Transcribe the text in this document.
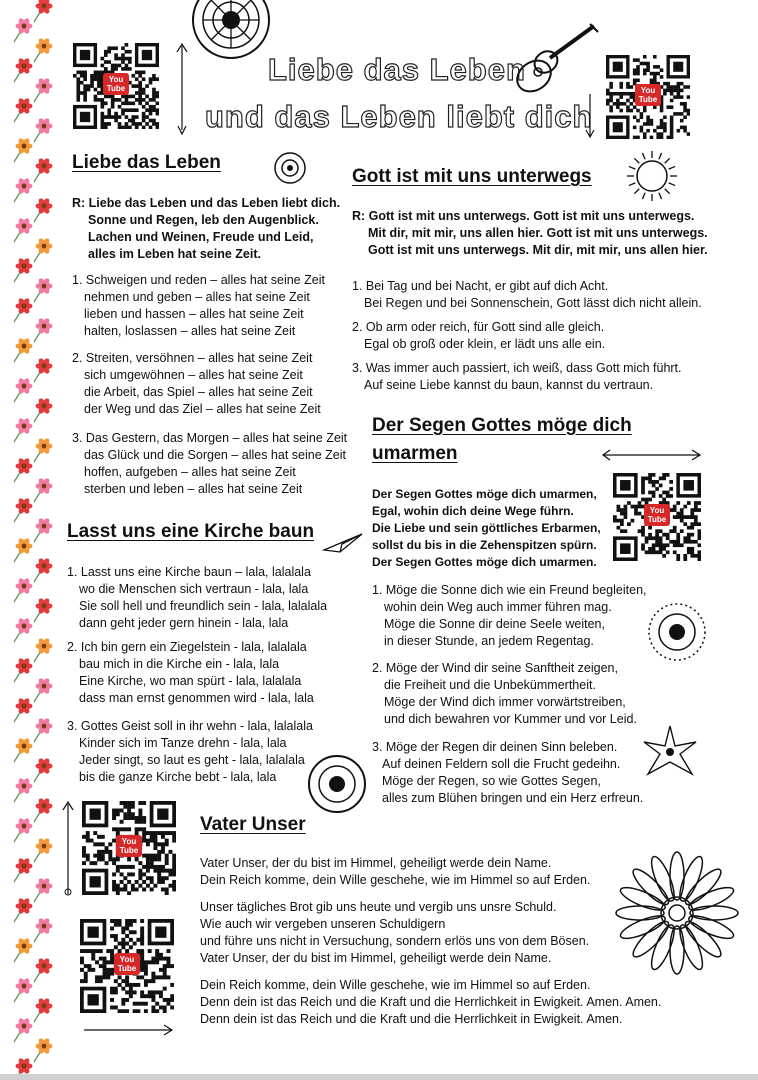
Liebe das Leben
und das Leben liebt dich
You Tube	You Tube
You Tube
You Tube
You Tube
Liebe das Leben
R: Liebe das Leben und das Leben liebt dich.
Sonne und Regen, leb den Augenblick.
Lachen und Weinen, Freude und Leid,
alles im Leben hat seine Zeit.
1. Schweigen und reden – alles hat seine Zeit
nehmen und geben – alles hat seine Zeit
lieben und hassen – alles hat seine Zeit
halten, loslassen – alles hat seine Zeit
2. Streiten, versöhnen – alles hat seine Zeit
sich umgewöhnen – alles hat seine Zeit
die Arbeit, das Spiel – alles hat seine Zeit
der Weg und das Ziel – alles hat seine Zeit
3. Das Gestern, das Morgen – alles hat seine Zeit
das Glück und die Sorgen – alles hat seine Zeit
hoffen, aufgeben – alles hat seine Zeit
sterben und leben – alles hat seine Zeit
Gott ist mit uns unterwegs
R: Gott ist mit uns unterwegs. Gott ist mit uns unterwegs.
Mit dir, mit mir, uns allen hier. Gott ist mit uns unterwegs.
Gott ist mit uns unterwegs. Mit dir, mit mir, uns allen hier.
1. Bei Tag und bei Nacht, er gibt auf dich Acht.
Bei Regen und bei Sonnenschein, Gott lässt dich nicht allein.
2. Ob arm oder reich, für Gott sind alle gleich.
Egal ob groß oder klein, er lädt uns alle ein.
3. Was immer auch passiert, ich weiß, dass Gott mich führt.
Auf seine Liebe kannst du baun, kannst du vertraun.
Der Segen Gottes möge dich
umarmen
Der Segen Gottes möge dich umarmen,
Egal, wohin dich deine Wege führn.
Die Liebe und sein göttliches Erbarmen,
sollst du bis in die Zehenspitzen spürn.
Der Segen Gottes möge dich umarmen.
1. Möge die Sonne dich wie ein Freund begleiten,
wohin dein Weg auch immer führen mag.
Möge die Sonne dir deine Seele weiten,
in dieser Stunde, an jedem Regentag.
2. Möge der Wind dir seine Sanftheit zeigen,
die Freiheit und die Unbekümmertheit.
Möge der Wind dich immer vorwärtstreiben,
und dich bewahren vor Kummer und vor Leid.
3. Möge der Regen dir deinen Sinn beleben.
Auf deinen Feldern soll die Frucht gedeihn.
Möge der Regen, so wie Gottes Segen,
alles zum Blühen bringen und ein Herz erfreun.
Lasst uns eine Kirche baun
1. Lasst uns eine Kirche baun – lala, lalalala
wo die Menschen sich vertraun - lala, lala
Sie soll hell und freundlich sein - lala, lalalala
dann geht jeder gern hinein - lala, lala
2. Ich bin gern ein Ziegelstein - lala, lalalala
bau mich in die Kirche ein - lala, lala
Eine Kirche, wo man spürt - lala, lalalala
dass man ernst genommen wird - lala, lala
3. Gottes Geist soll in ihr wehn - lala, lalalala
Kinder sich im Tanze drehn - lala, lala
Jeder singt, so laut es geht - lala, lalalala
bis die ganze Kirche bebt - lala, lala
Vater Unser
Vater Unser, der du bist im Himmel, geheiligt werde dein Name.
Dein Reich komme, dein Wille geschehe, wie im Himmel so auf Erden.
Unser tägliches Brot gib uns heute und vergib uns unsre Schuld.
Wie auch wir vergeben unseren Schuldigern
und führe uns nicht in Versuchung, sondern erlös uns von dem Bösen.
Vater Unser, der du bist im Himmel, geheiligt werde dein Name.
Dein Reich komme, dein Wille geschehe, wie im Himmel so auf Erden.
Denn dein ist das Reich und die Kraft und die Herrlichkeit in Ewigkeit. Amen. Amen.
Denn dein ist das Reich und die Kraft und die Herrlichkeit in Ewigkeit. Amen.
